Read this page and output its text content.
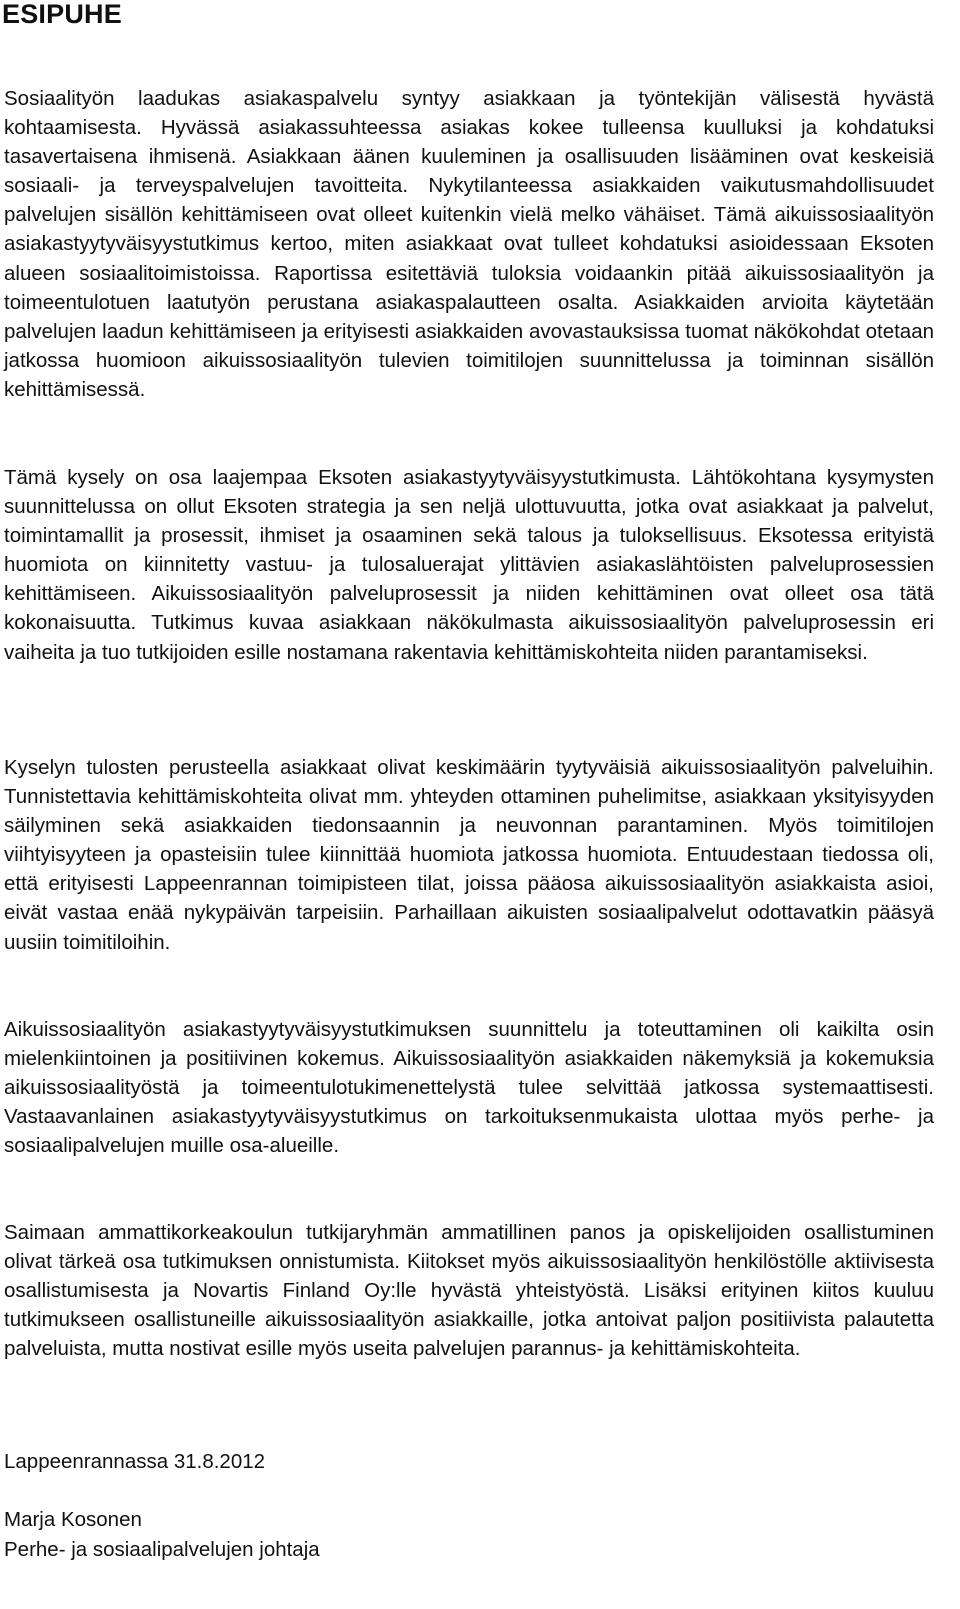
ESIPUHE

Sosiaalityön laadukas asiakaspalvelu syntyy asiakkaan ja työntekijän välisestä hyvästä kohtaamisesta. Hyvässä asiakassuhteessa asiakas kokee tulleensa kuulluksi ja kohdatuksi tasavertaisena ihmisenä. Asiakkaan äänen kuuleminen ja osallisuuden lisääminen ovat keskeisiä sosiaali- ja terveyspalvelujen tavoitteita. Nykytilanteessa asiakkaiden vaikutusmahdollisuudet palvelujen sisällön kehittämiseen ovat olleet kuitenkin vielä melko vähäiset. Tämä aikuissosiaalityön asiakastyytyväisyystutkimus kertoo, miten asiakkaat ovat tulleet kohdatuksi asioidessaan Eksoten alueen sosiaalitoimistoissa. Raportissa esitettäviä tuloksia voidaankin pitää aikuissosiaalityön ja toimeentulotuen laatutyön perustana asiakaspalautteen osalta. Asiakkaiden arvioita käytetään palvelujen laadun kehittämiseen ja erityisesti asiakkaiden avovastauksissa tuomat näkökohdat otetaan jatkossa huomioon aikuissosiaalityön tulevien toimitilojen suunnittelussa ja toiminnan sisällön kehittämisessä.

Tämä kysely on osa laajempaa Eksoten asiakastyytyväisyystutkimusta. Lähtökohtana kysymysten suunnittelussa on ollut Eksoten strategia ja sen neljä ulottuvuutta, jotka ovat asiakkaat ja palvelut, toimintamallit ja prosessit, ihmiset ja osaaminen sekä talous ja tuloksellisuus. Eksotessa erityistä huomiota on kiinnitetty vastuu- ja tulosaluerajat ylittävien asiakaslähtöisten palveluprosessien kehittämiseen. Aikuissosiaalityön palveluprosessit ja niiden kehittäminen ovat olleet osa tätä kokonaisuutta. Tutkimus kuvaa asiakkaan näkökulmasta aikuissosiaalityön palveluprosessin eri vaiheita ja tuo tutkijoiden esille nostamana rakentavia kehittämiskohteita niiden parantamiseksi.

Kyselyn tulosten perusteella asiakkaat olivat keskimäärin tyytyväisiä aikuissosiaalityön palveluihin. Tunnistettavia kehittämiskohteita olivat mm. yhteyden ottaminen puhelimitse, asiakkaan yksityisyyden säilyminen sekä asiakkaiden tiedonsaannin ja neuvonnan parantaminen. Myös toimitilojen viihtyisyyteen ja opasteisiin tulee kiinnittää huomiota jatkossa huomiota. Entuudestaan tiedossa oli, että erityisesti Lappeenrannan toimipisteen tilat, joissa pääosa aikuissosiaalityön asiakkaista asioi, eivät vastaa enää nykypäivän tarpeisiin. Parhaillaan aikuisten sosiaalipalvelut odottavatkin pääsyä uusiin toimitiloihin.

Aikuissosiaalityön asiakastyytyväisyystutkimuksen suunnittelu ja toteuttaminen oli kaikilta osin mielenkiintoinen ja positiivinen kokemus. Aikuissosiaalityön asiakkaiden näkemyksiä ja kokemuksia aikuissosiaalityöstä ja toimeentulotukimenettelystä tulee selvittää jatkossa systemaattisesti. Vastaavanlainen asiakastyytyväisyystutkimus on tarkoituksenmukaista ulottaa myös perhe- ja sosiaalipalvelujen muille osa-alueille.

Saimaan ammattikorkeakoulun tutkijaryhmän ammatillinen panos ja opiskelijoiden osallistuminen olivat tärkeä osa tutkimuksen onnistumista. Kiitokset myös aikuissosiaalityön henkilöstölle aktiivisesta osallistumisesta ja Novartis Finland Oy:lle hyvästä yhteistyöstä. Lisäksi erityinen kiitos kuuluu tutkimukseen osallistuneille aikuissosiaalityön asiakkaille, jotka antoivat paljon positiivista palautetta palveluista, mutta nostivat esille myös useita palvelujen parannus- ja kehittämiskohteita.

Lappeenrannassa 31.8.2012

Marja Kosonen

Perhe- ja sosiaalipalvelujen johtaja
